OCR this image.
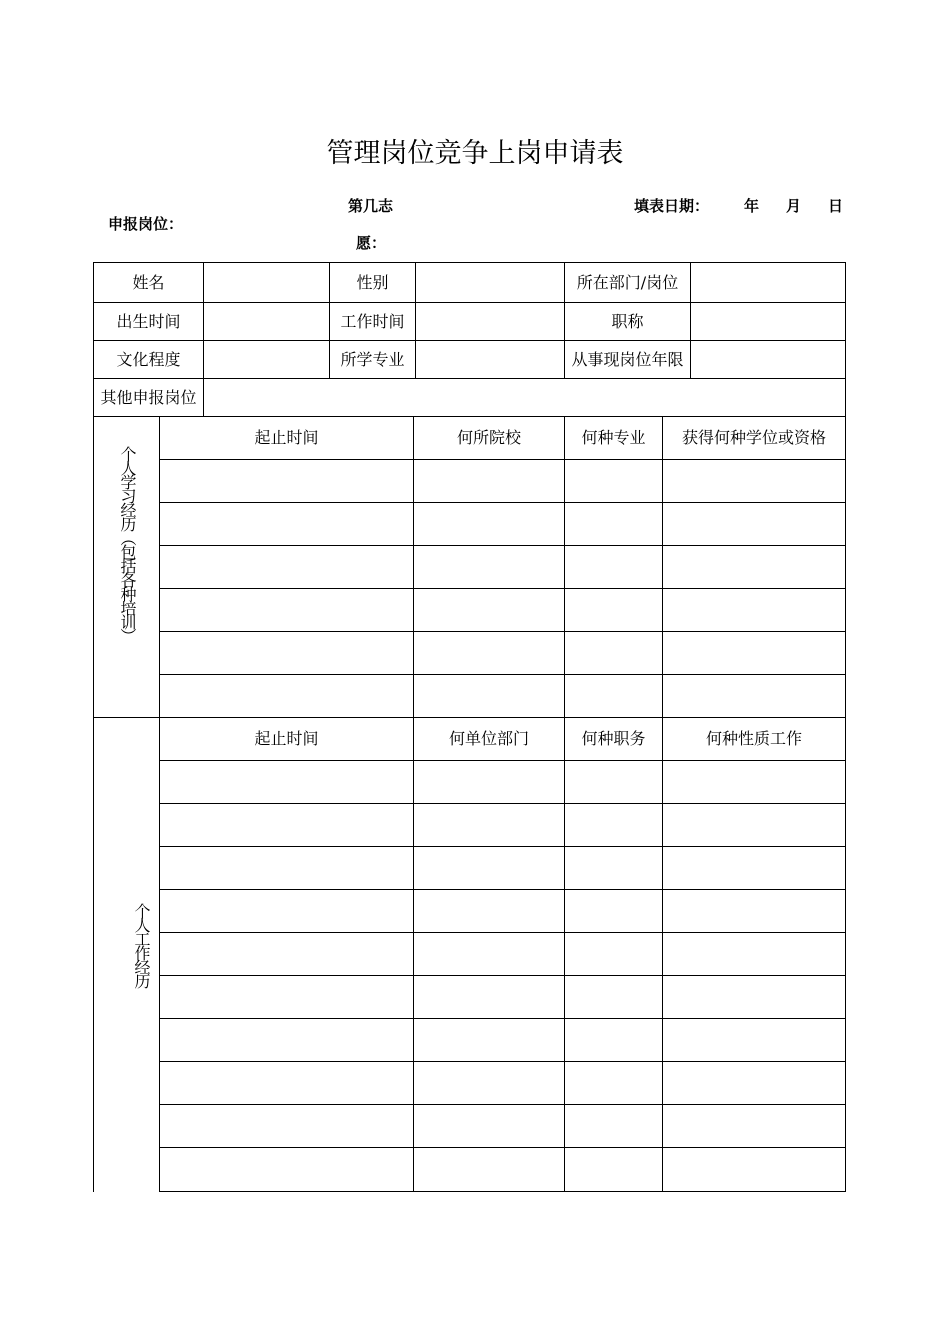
管理岗位竞争上岗申请表
申报岗位：
第几志
愿：
填表日期： 年 月 日
姓名	性别	所在部门/岗位
出生时间	工作时间	职称
文化程度	所学专业	从事现岗位年限
其他申报岗位
个人学习经历（包括各种培训）
起止时间	何所院校	何种专业	获得何种学位或资格
个人工作经历
起止时间	何单位部门	何种职务	何种性质工作
